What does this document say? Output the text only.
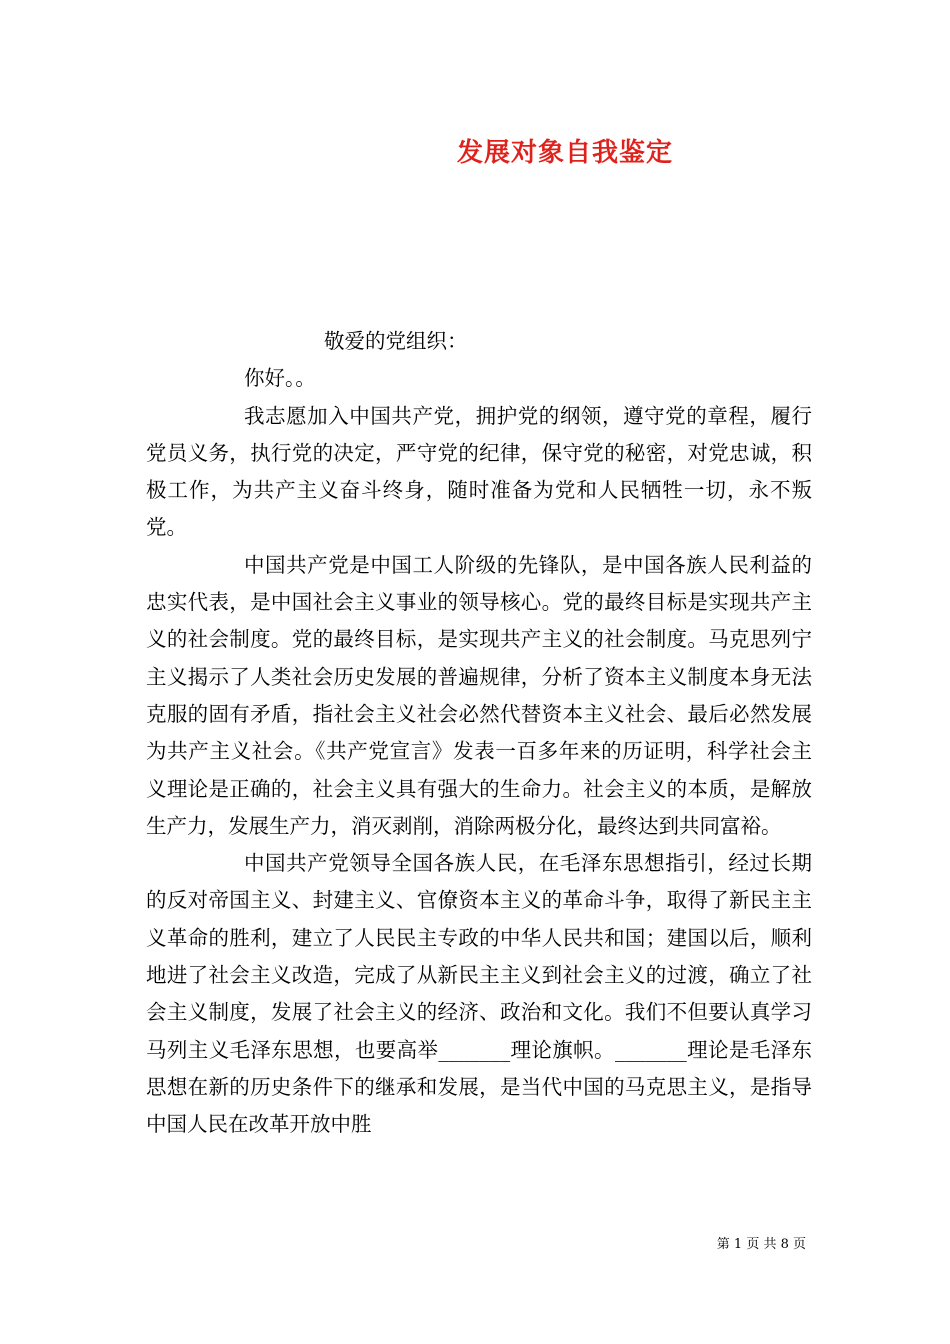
发展对象自我鉴定
敬爱的党组织：
你好。。
我志愿加入中国共产党，拥护党的纲领，遵守党的章程，履行党员义务，执行党的决定，严守党的纪律，保守党的秘密，对党忠诚，积极工作，为共产主义奋斗终身，随时准备为党和人民牺牲一切，永不叛党。
中国共产党是中国工人阶级的先锋队，是中国各族人民利益的忠实代表，是中国社会主义事业的领导核心。党的最终目标是实现共产主义的社会制度。党的最终目标，是实现共产主义的社会制度。马克思列宁主义揭示了人类社会历史发展的普遍规律，分析了资本主义制度本身无法克服的固有矛盾，指社会主义社会必然代替资本主义社会、最后必然发展为共产主义社会。《共产党宣言》发表一百多年来的历证明，科学社会主义理论是正确的，社会主义具有强大的生命力。社会主义的本质，是解放生产力，发展生产力，消灭剥削，消除两极分化，最终达到共同富裕。
中国共产党领导全国各族人民，在毛泽东思想指引，经过长期的反对帝国主义、封建主义、官僚资本主义的革命斗争，取得了新民主主义革命的胜利，建立了人民民主专政的中华人民共和国；建国以后，顺利地进了社会主义改造，完成了从新民主主义到社会主义的过渡，确立了社会主义制度，发展了社会主义的经济、政治和文化。我们不但要认真学习马列主义毛泽东思想，也要高举_______理论旗帜。_______理论是毛泽东思想在新的历史条件下的继承和发展，是当代中国的马克思主义，是指导中国人民在改革开放中胜
第 1 页 共 8 页
